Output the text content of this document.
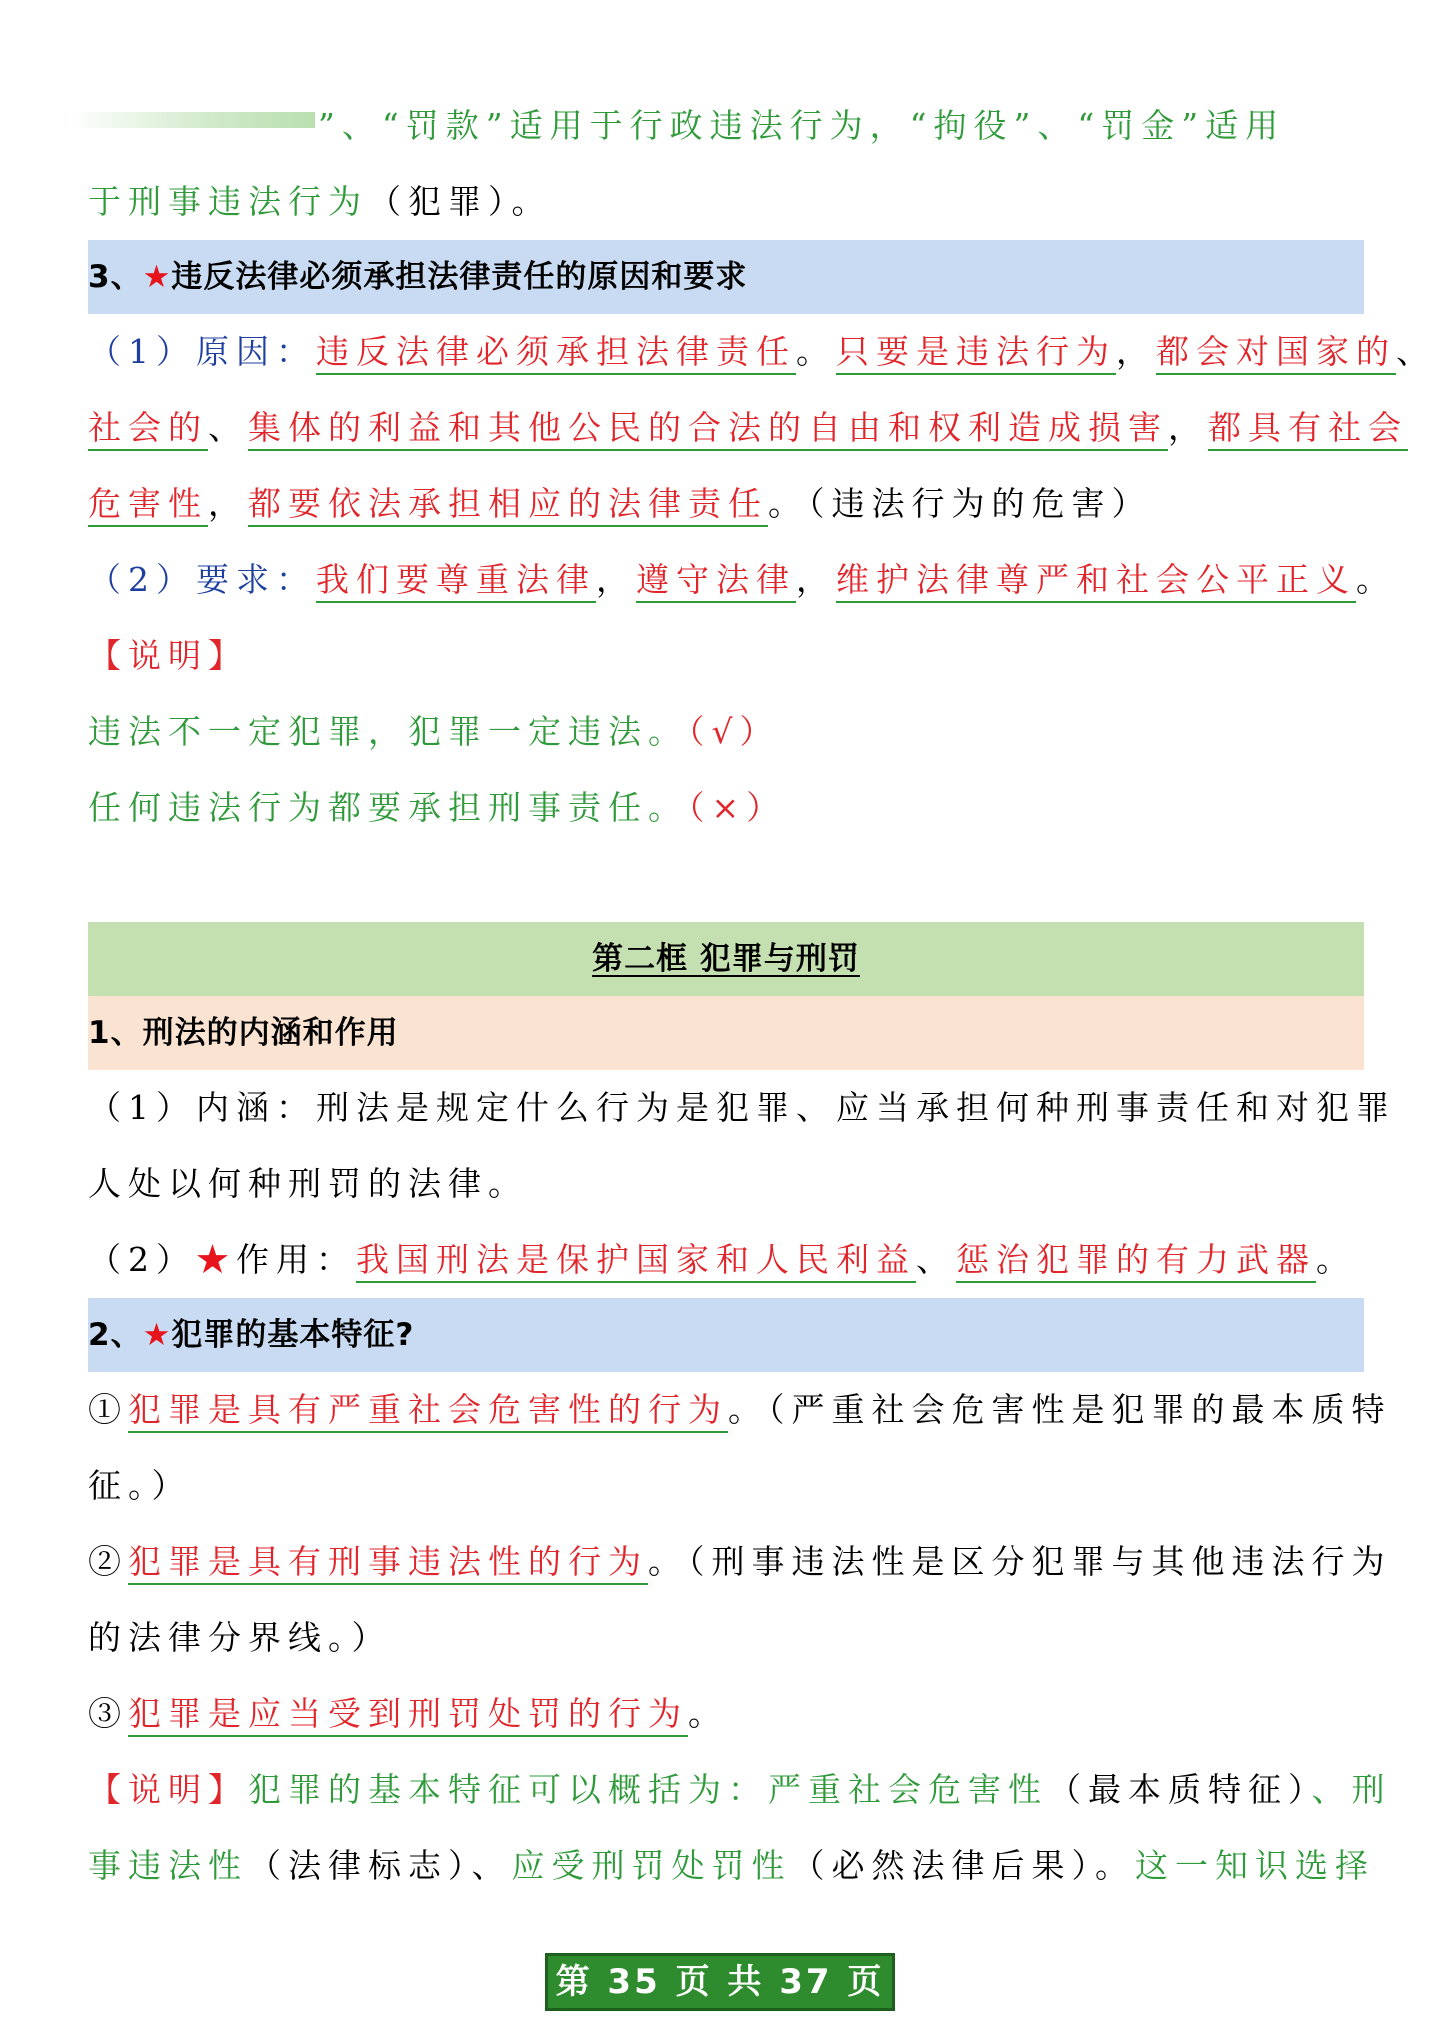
”、“罚款”适用于行政违法行为，“拘役”、“罚金”适用
于刑事违法行为（犯罪）。
3、★违反法律必须承担法律责任的原因和要求
（1）原因：违反法律必须承担法律责任。只要是违法行为，都会对国家的、
社会的、集体的利益和其他公民的合法的自由和权利造成损害，都具有社会
危害性，都要依法承担相应的法律责任。（违法行为的危害）
（2）要求：我们要尊重法律，遵守法律，维护法律尊严和社会公平正义。
【说明】
违法不一定犯罪，犯罪一定违法。（√）
任何违法行为都要承担刑事责任。（×）
第二框 犯罪与刑罚
1、刑法的内涵和作用
（1）内涵：刑法是规定什么行为是犯罪、应当承担何种刑事责任和对犯罪
人处以何种刑罚的法律。
（2）★作用：我国刑法是保护国家和人民利益、惩治犯罪的有力武器。
2、★犯罪的基本特征?
①犯罪是具有严重社会危害性的行为。（严重社会危害性是犯罪的最本质特
征。）
②犯罪是具有刑事违法性的行为。（刑事违法性是区分犯罪与其他违法行为
的法律分界线。）
③犯罪是应当受到刑罚处罚的行为。
【说明】犯罪的基本特征可以概括为：严重社会危害性（最本质特征）、刑
事违法性（法律标志）、应受刑罚处罚性（必然法律后果）。这一知识选择
第 35 页 共 37 页
